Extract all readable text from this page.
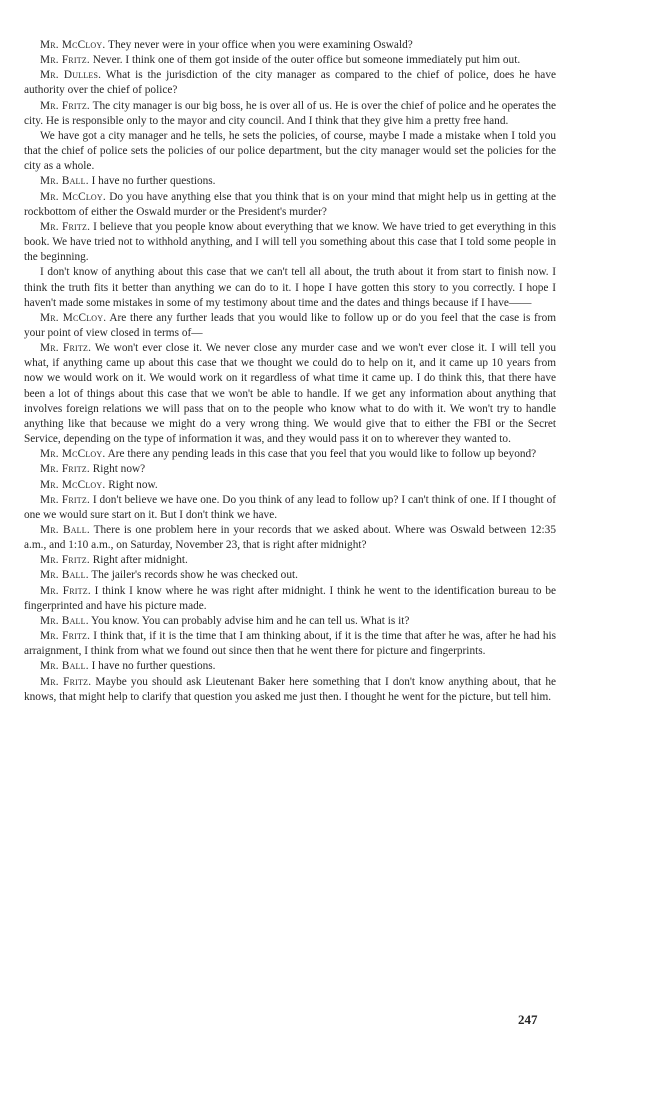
Mr. McCloy. They never were in your office when you were examining Oswald?

Mr. Fritz. Never. I think one of them got inside of the outer office but someone immediately put him out.

Mr. Dulles. What is the jurisdiction of the city manager as compared to the chief of police, does he have authority over the chief of police?

Mr. Fritz. The city manager is our big boss, he is over all of us. He is over the chief of police and he operates the city. He is responsible only to the mayor and city council. And I think that they give him a pretty free hand.

We have got a city manager and he tells, he sets the policies, of course, maybe I made a mistake when I told you that the chief of police sets the policies of our police department, but the city manager would set the policies for the city as a whole.

Mr. Ball. I have no further questions.

Mr. McCloy. Do you have anything else that you think that is on your mind that might help us in getting at the rockbottom of either the Oswald murder or the President's murder?

Mr. Fritz. I believe that you people know about everything that we know. We have tried to get everything in this book. We have tried not to withhold anything, and I will tell you something about this case that I told some people in the beginning.

I don't know of anything about this case that we can't tell all about, the truth about it from start to finish now. I think the truth fits it better than anything we can do to it. I hope I have gotten this story to you correctly. I hope I haven't made some mistakes in some of my testimony about time and the dates and things because if I have——

Mr. McCloy. Are there any further leads that you would like to follow up or do you feel that the case is from your point of view closed in terms of—

Mr. Fritz. We won't ever close it. We never close any murder case and we won't ever close it. I will tell you what, if anything came up about this case that we thought we could do to help on it, and it came up 10 years from now we would work on it. We would work on it regardless of what time it came up. I do think this, that there have been a lot of things about this case that we won't be able to handle. If we get any information about anything that involves foreign relations we will pass that on to the people who know what to do with it. We won't try to handle anything like that because we might do a very wrong thing. We would give that to either the FBI or the Secret Service, depending on the type of information it was, and they would pass it on to wherever they wanted to.

Mr. McCloy. Are there any pending leads in this case that you feel that you would like to follow up beyond?

Mr. Fritz. Right now?

Mr. McCloy. Right now.

Mr. Fritz. I don't believe we have one. Do you think of any lead to follow up? I can't think of one. If I thought of one we would sure start on it. But I don't think we have.

Mr. Ball. There is one problem here in your records that we asked about. Where was Oswald between 12:35 a.m., and 1:10 a.m., on Saturday, November 23, that is right after midnight?

Mr. Fritz. Right after midnight.

Mr. Ball. The jailer's records show he was checked out.

Mr. Fritz. I think I know where he was right after midnight. I think he went to the identification bureau to be fingerprinted and have his picture made.

Mr. Ball. You know. You can probably advise him and he can tell us. What is it?

Mr. Fritz. I think that, if it is the time that I am thinking about, if it is the time that after he was, after he had his arraignment, I think from what we found out since then that he went there for picture and fingerprints.

Mr. Ball. I have no further questions.

Mr. Fritz. Maybe you should ask Lieutenant Baker here something that I don't know anything about, that he knows, that might help to clarify that question you asked me just then. I thought he went for the picture, but tell him.

247
